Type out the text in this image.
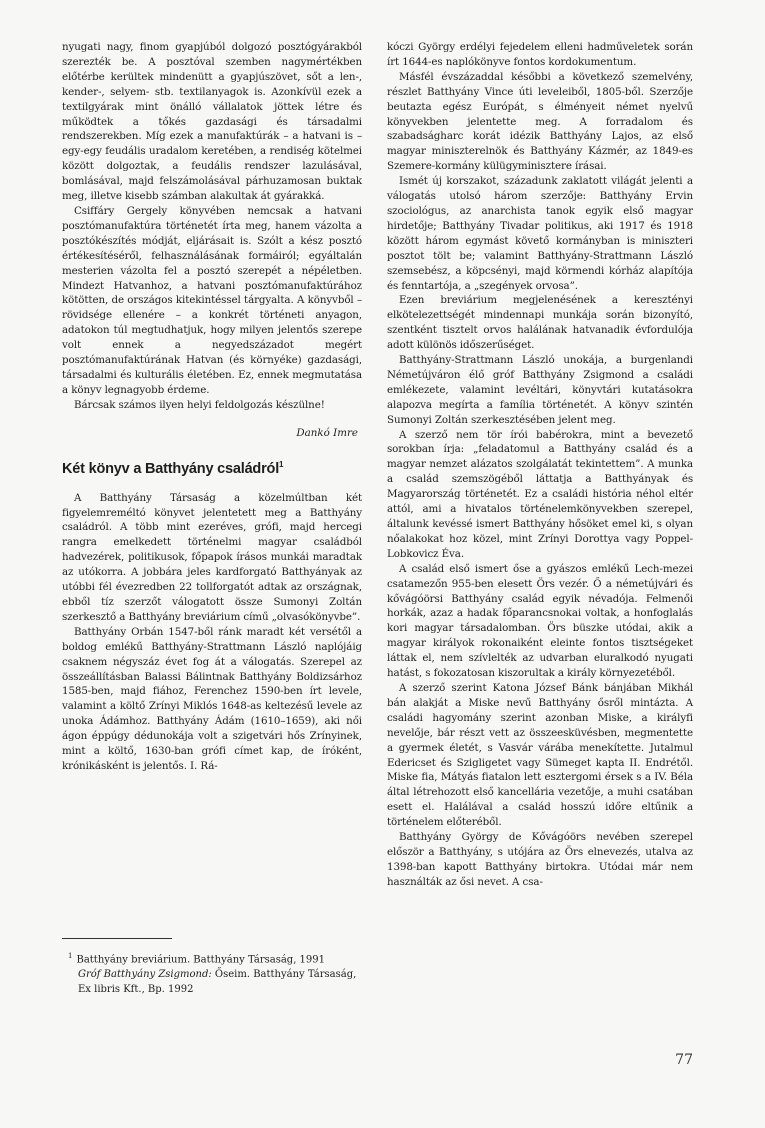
nyugati nagy, finom gyapjúból dolgozó posztógyárakból szerezték be. A posztóval szemben nagymértékben előtérbe kerültek mindenütt a gyapjúszövet, sőt a len-, kender-, selyem- stb. textilanyagok is. Azonkívül ezek a textilgyárak mint önálló vállalatok jöttek létre és működtek a tőkés gazdasági és társadalmi rendszerekben. Míg ezek a manufaktúrák – a hatvani is – egy-egy feudális uradalom keretében, a rendiség kötelmei között dolgoztak, a feudális rendszer lazulásával, bomlásával, majd felszámolásával párhuzamosan buktak meg, illetve kisebb számban alakultak át gyárakká.

Csiffáry Gergely könyvében nemcsak a hatvani posztómanufaktúra történetét írta meg, hanem vázolta a posztókészítés módját, eljárásait is. Szólt a kész posztó értékesítéséről, felhasználásának formáiról; egyáltalán mesterien vázolta fel a posztó szerepét a népéletben. Mindezt Hatvanhoz, a hatvani posztómanufaktúrához kötötten, de országos kitekintéssel tárgyalta. A könyvből – rövidsége ellenére – a konkrét történeti anyagon, adatokon túl megtudhatjuk, hogy milyen jelentős szerepe volt ennek a negyedszázadot megért posztómanufaktúrának Hatvan (és környéke) gazdasági, társadalmi és kulturális életében. Ez, ennek megmutatása a könyv legnagyobb érdeme.

Bárcsak számos ilyen helyi feldolgozás készülne!

Dankó Imre
Két könyv a Batthyány családról$^1$

A Batthyány Társaság a közelmúltban két figyelemreméltó könyvet jelentetett meg a Batthyány családról. A több mint ezeréves, grófi, majd hercegi rangra emelkedett történelmi magyar családból hadvezérek, politikusok, főpapok írásos munkái maradtak az utókorra. A jobbára jeles kardforgató Batthyányak az utóbbi fél évezredben 22 tollforgatót adtak az országnak, ebből tíz szerzőt válogatott össze Sumonyi Zoltán szerkesztő a Batthyány breviárium című „olvasókönyvbe”.

Batthyány Orbán 1547-ből ránk maradt két versétől a boldog emlékű Batthyány-Strattmann László naplójáig csaknem négyszáz évet fog át a válogatás. Szerepel az összeállításban Balassi Bálintnak Batthyány Boldizsárhoz 1585-ben, majd fiához, Ferenchez 1590-ben írt levele, valamint a költő Zrínyi Miklós 1648-as keltezésű levele az unoka Ádámhoz. Batthyány Ádám (1610–1659), aki női ágon éppúgy dédunokája volt a szigetvári hős Zrínyinek, mint a költő, 1630-ban grófi címet kap, de íróként, krónikásként is jelentős. I. Rá-

$^1$ Batthyány breviárium. Batthyány Társaság, 1991
Gróf Batthyány Zsigmond: Őseim. Batthyány Társaság, Ex libris Kft., Bp. 1992

kóczi György erdélyi fejedelem elleni hadműveletek során írt 1644-es naplókönyve fontos kordokumentum.

Másfél évszázaddal későbbi a következő szemelvény, részlet Batthyány Vince úti leveleiből, 1805-ből. Szerzője beutazta egész Európát, s élményeit német nyelvű könyvekben jelentette meg. A forradalom és szabadságharc korát idézik Batthyány Lajos, az első magyar miniszterelnök és Batthyány Kázmér, az 1849-es Szemere-kormány külügyminisztere írásai.

Ismét új korszakot, századunk zaklatott világát jelenti a válogatás utolsó három szerzője: Batthyány Ervin szociológus, az anarchista tanok egyik első magyar hirdetője; Batthyány Tivadar politikus, aki 1917 és 1918 között három egymást követő kormányban is miniszteri posztot tölt be; valamint Batthyány-Strattmann László szemsebész, a köpcsényi, majd körmendi kórház alapítója és fenntartója, a „szegények orvosa”.

Ezen breviárium megjelenésének a keresztényi elkötelezettségét mindennapi munkája során bizonyító, szentként tisztelt orvos halálának hatvanadik évfordulója adott különös időszerűséget.

Batthyány-Strattmann László unokája, a burgenlandi Németújváron élő gróf Batthyány Zsigmond a családi emlékezete, valamint levéltári, könyvtári kutatásokra alapozva megírta a família történetét. A könyv szintén Sumonyi Zoltán szerkesztésében jelent meg.

A szerző nem tör írói babérokra, mint a bevezető sorokban írja: „feladatomul a Batthyány család és a magyar nemzet alázatos szolgálatát tekintettem”. A munka a család szemszögéből láttatja a Batthyányak és Magyarország történetét. Ez a családi história néhol eltér attól, ami a hivatalos történelemkönyvekben szerepel, általunk kevéssé ismert Batthyány hősöket emel ki, s olyan nőalakokat hoz közel, mint Zrínyi Dorottya vagy Poppel-Lobkovicz Éva.

A család első ismert őse a gyászos emlékű Lech-mezei csatamezőn 955-ben elesett Örs vezér. Ő a németújvári és kővágóörsi Batthyány család egyik névadója. Felmenői horkák, azaz a hadak főparancsnokai voltak, a honfoglalás kori magyar társadalomban. Örs büszke utódai, akik a magyar királyok rokonaiként eleinte fontos tisztségeket láttak el, nem szívlelték az udvarban eluralkodó nyugati hatást, s fokozatosan kiszorultak a király környezetéből.

A szerző szerint Katona József Bánk bánjában Mikhál bán alakját a Miske nevű Batthyány ősről mintázta. A családi hagyomány szerint azonban Miske, a királyfi nevelője, bár részt vett az összeesküvésben, megmentette a gyermek életét, s Vasvár várába menekítette. Jutalmul Edericset és Szigligetet vagy Sümeget kapta II. Endrétől. Miske fia, Mátyás fiatalon lett esztergomi érsek s a IV. Béla által létrehozott első kancellária vezetője, a muhi csatában esett el. Halálával a család hosszú időre eltűnik a történelem előteréből.

Batthyány György de Kővágóörs nevében szerepel először a Batthyány, s utójára az Örs elnevezés, utalva az 1398-ban kapott Batthyány birtokra. Utódai már nem használták az ősi nevet. A csa-

77
